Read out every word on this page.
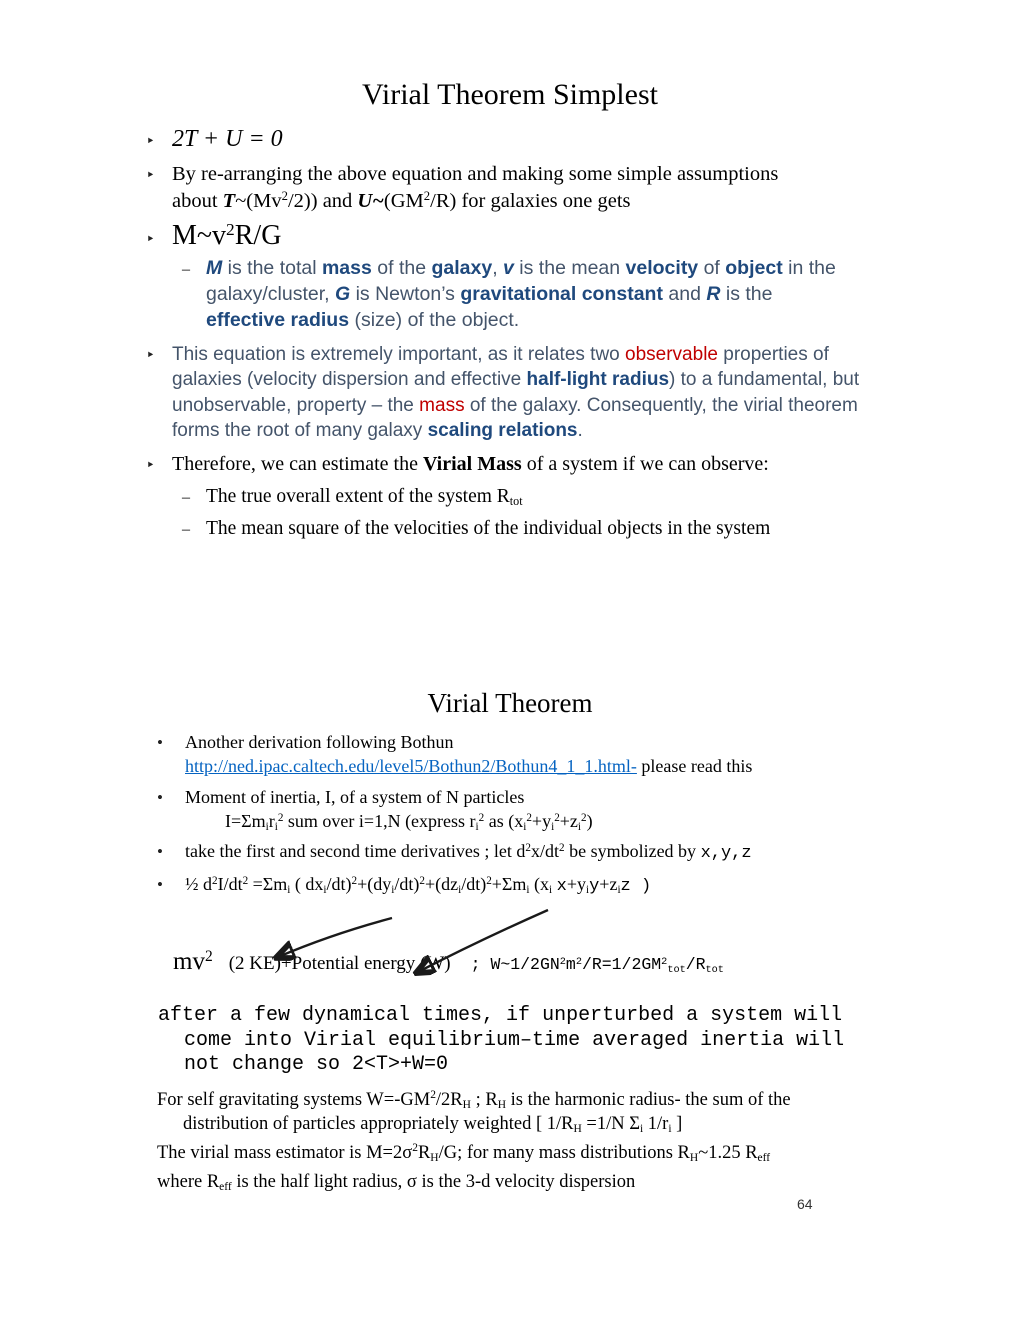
Virial Theorem Simplest
‣ 2T + U = 0
‣ By re-arranging the above equation and making some simple assumptions about T~(Mv$^2$/2)) and $U\sim(GM^2/R)$ for galaxies one gets

‣ $M\sim v^2R/G$
– M is the total mass of the galaxy, v is the mean velocity of object in the galaxy/cluster, G is Newton’s gravitational constant and R is the effective radius (size) of the object.

‣ This equation is extremely important, as it relates two observable properties of galaxies (velocity dispersion and effective half-light radius) to a fundamental, but unobservable, property – the mass of the galaxy. Consequently, the virial theorem forms the root of many galaxy scaling relations.

‣ Therefore, we can estimate the Virial Mass of a system if we can observe:

– The true overall extent of the system $R_{tot}$
– The mean square of the velocities of the individual objects in the system
Virial Theorem
•	Another derivation following Bothun
http://ned.ipac.caltech.edu/level5/Bothun2/Bothun4_1_1.html- please read this

•	Moment of inertia, I, of a system of N particles
$I=\Sigma m_ir_i^2$ sum over i=1,N (express $r_i^2$ as $(x_i^2+y_i^2+z_i^2)$
•	take the first and second time derivatives ; let $d^2x/dt^2$ be symbolized by x,y,z

•	½ $d^2I/dt^2 =\Sigma m_i$ ( $dx_i/dt)^2+(dy_i/dt)^2+(dz_i/dt)^2+\Sigma m_i$ ($x_i$ $x+y_iy+z_iz$ )

$mv^2$ (2 KE)+Potential energy (W) ; $W\sim 1/2GN^2m^2/R=1/2GM^2_{tot}/R_{tot}$
after a few dynamical times, if unperturbed a system will
come into Virial equilibrium–time averaged inertia will
not change so 2<T>+W=0
For self gravitating systems $W=-GM^2/2R_H$ ; $R_H$ is the harmonic radius- the sum of the
distribution of particles appropriately weighted [ $1/R_H =1/N$ $\Sigma_i$ $1/r_i$ ]
The virial mass estimator is $M=2\sigma^2R_H/G$; for many mass distributions $R_H\sim 1.25$ $R_{eff}$
where $R_{eff}$ is the half light radius, σ is the 3-d velocity dispersion
64
